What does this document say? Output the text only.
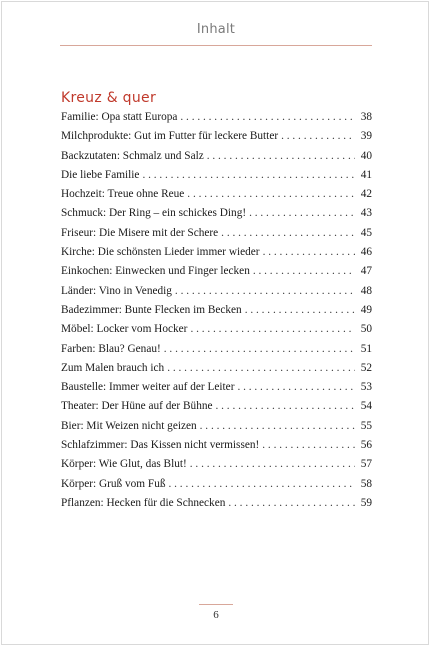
Inhalt
Kreuz & quer
Familie: Opa statt Europa . . .	38
Milchprodukte: Gut im Futter für leckere Butter . . .	39
Backzutaten: Schmalz und Salz . . .	40
Die liebe Familie . . .	41
Hochzeit: Treue ohne Reue . . .	42
Schmuck: Der Ring – ein schickes Ding! . . .	43
Friseur: Die Misere mit der Schere . . .	45
Kirche: Die schönsten Lieder immer wieder . . .	46
Einkochen: Einwecken und Finger lecken . . .	47
Länder: Vino in Venedig . . .	48
Badezimmer: Bunte Flecken im Becken . . .	49
Möbel: Locker vom Hocker . . .	50
Farben: Blau? Genau! . . .	51
Zum Malen brauch ich . . .	52
Baustelle: Immer weiter auf der Leiter . . .	53
Theater: Der Hüne auf der Bühne . . .	54
Bier: Mit Weizen nicht geizen . . .	55
Schlafzimmer: Das Kissen nicht vermissen! . . .	56
Körper: Wie Glut, das Blut! . . .	57
Körper: Gruß vom Fuß . . .	58
Pflanzen: Hecken für die Schnecken . . .	59
6
